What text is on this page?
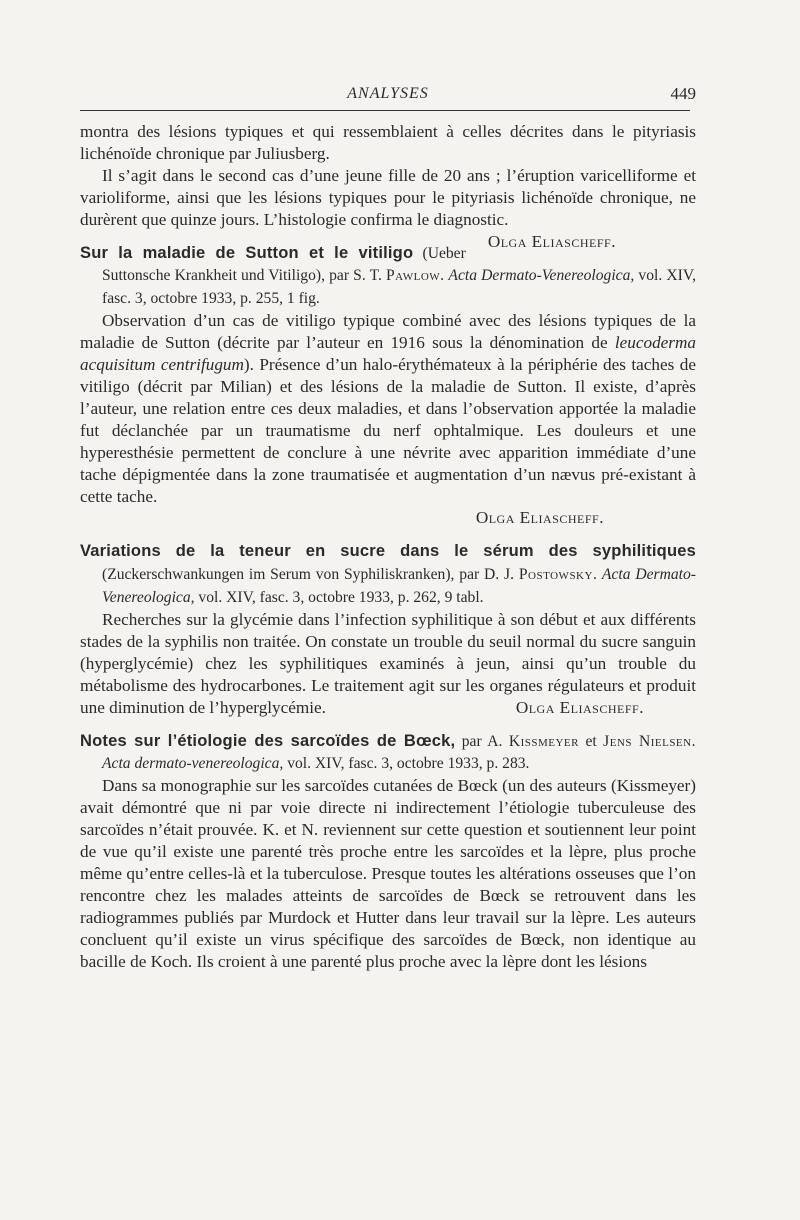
ANALYSES	449

montra des lésions typiques et qui ressemblaient à celles décrites dans le pityriasis lichénoïde chronique par Juliusberg.

Il s’agit dans le second cas d’une jeune fille de 20 ans ; l’éruption varicelliforme et varioliforme, ainsi que les lésions typiques pour le pityriasis lichénoïde chronique, ne durèrent que quinze jours. L’histologie confirma le diagnostic.
Olga Eliascheff.

Sur la maladie de Sutton et le vitiligo (Ueber Suttonsche Krankheit und Vitiligo), par S. T. Pawlow. Acta Dermato-Venereologica, vol. XIV, fasc. 3, octobre 1933, p. 255, 1 fig.

Observation d’un cas de vitiligo typique combiné avec des lésions typiques de la maladie de Sutton (décrite par l’auteur en 1916 sous la dénomination de leucoderma acquisitum centrifugum). Présence d’un halo-érythémateux à la périphérie des taches de vitiligo (décrit par Milian) et des lésions de la maladie de Sutton. Il existe, d’après l’auteur, une relation entre ces deux maladies, et dans l’observation apportée la maladie fut déclanchée par un traumatisme du nerf ophtalmique. Les douleurs et une hyperesthésie permettent de conclure à une névrite avec apparition immédiate d’une tache dépigmentée dans la zone traumatisée et augmentation d’un nævus pré-existant à cette tache.

Olga Eliascheff.

Variations de la teneur en sucre dans le sérum des syphilitiques (Zuckerschwankungen im Serum von Syphiliskranken), par D. J. Postowsky. Acta Dermato-Venereologica, vol. XIV, fasc. 3, octobre 1933, p. 262, 9 tabl.

Recherches sur la glycémie dans l’infection syphilitique à son début et aux différents stades de la syphilis non traitée. On constate un trouble du seuil normal du sucre sanguin (hyperglycémie) chez les syphilitiques examinés à jeun, ainsi qu’un trouble du métabolisme des hydrocarbones. Le traitement agit sur les organes régulateurs et produit une diminution de l’hyperglycémie.	Olga Eliascheff.

Notes sur l’étiologie des sarcoïdes de Bœck, par A. Kissmeyer et Jens Nielsen. Acta dermato-venereologica, vol. XIV, fasc. 3, octobre 1933, p. 283.

Dans sa monographie sur les sarcoïdes cutanées de Bœck (un des auteurs (Kissmeyer) avait démontré que ni par voie directe ni indirectement l’étiologie tuberculeuse des sarcoïdes n’était prouvée. K. et N. reviennent sur cette question et soutiennent leur point de vue qu’il existe une parenté très proche entre les sarcoïdes et la lèpre, plus proche même qu’entre celles-là et la tuberculose. Presque toutes les altérations osseuses que l’on rencontre chez les malades atteints de sarcoïdes de Bœck se retrouvent dans les radiogrammes publiés par Murdock et Hutter dans leur travail sur la lèpre. Les auteurs concluent qu’il existe un virus spécifique des sarcoïdes de Bœck, non identique au bacille de Koch. Ils croient à une parenté plus proche avec la lèpre dont les lésions
